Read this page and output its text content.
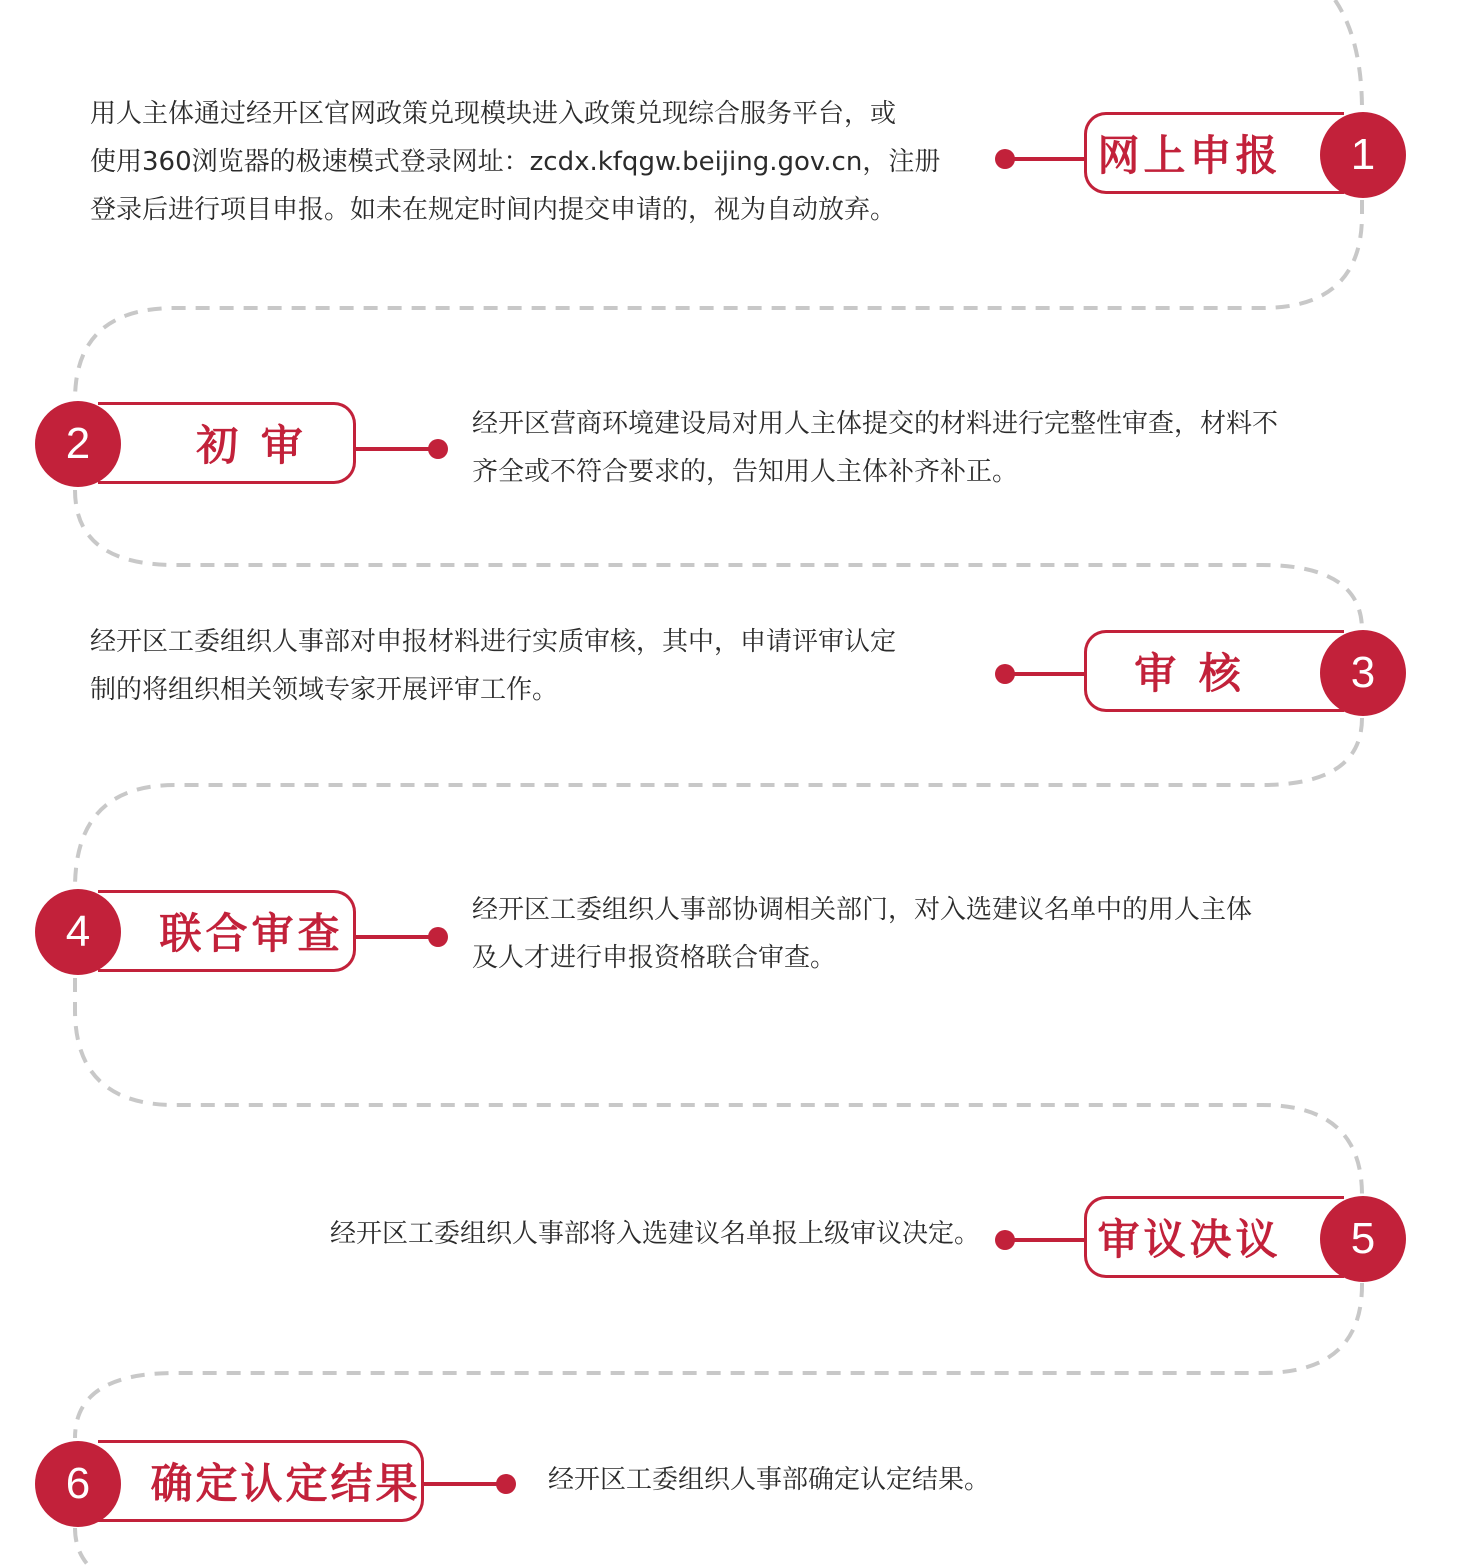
用人主体通过经开区官网政策兑现模块进入政策兑现综合服务平台，或
使用360浏览器的极速模式登录网址：zcdx.kfqgw.beijing.gov.cn，注册
登录后进行项目申报。如未在规定时间内提交申请的，视为自动放弃。
网上申报	1
初 审
2	经开区营商环境建设局对用人主体提交的材料进行完整性审查，材料不
齐全或不符合要求的，告知用人主体补齐补正。
经开区工委组织人事部对申报材料进行实质审核，其中，申请评审认定
制的将组织相关领域专家开展评审工作。	审 核	3
联合审查
4	经开区工委组织人事部协调相关部门，对入选建议名单中的用人主体
及人才进行申报资格联合审查。
经开区工委组织人事部将入选建议名单报上级审议决定。	审议决议	5
确定认定结果
6	经开区工委组织人事部确定认定结果。
